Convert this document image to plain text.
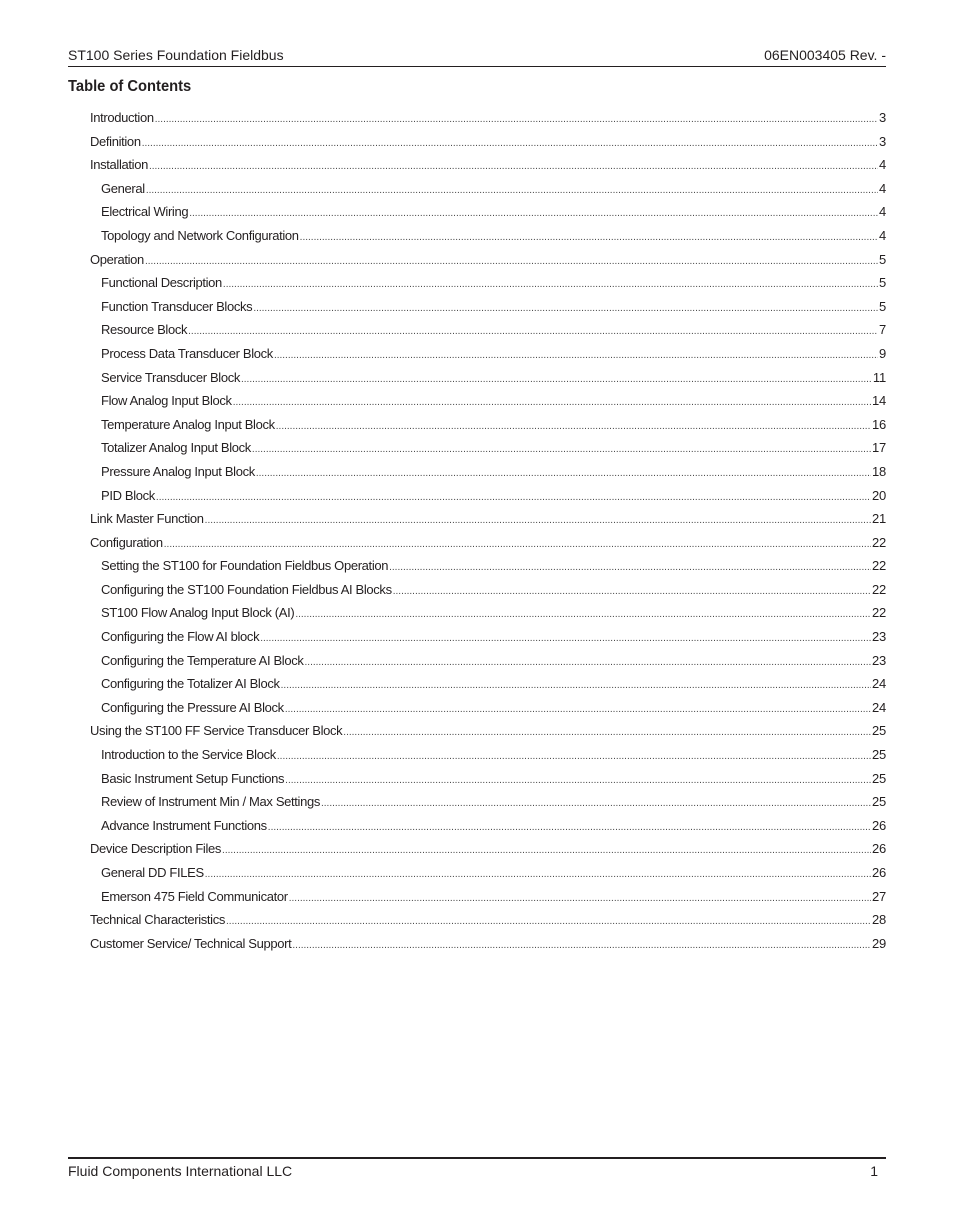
ST100 Series Foundation Fieldbus	06EN003405 Rev. -
Table of Contents
Introduction .....	3
Definition .....	3
Installation .....	4
General .....	4
Electrical Wiring .....	4
Topology and Network Configuration .....	4
Operation .....	5
Functional Description .....	5
Function Transducer Blocks .....	5
Resource Block .....	7
Process Data Transducer Block .....	9
Service Transducer Block .....	11
Flow Analog Input Block .....	14
Temperature Analog Input Block .....	16
Totalizer Analog Input Block .....	17
Pressure Analog Input Block .....	18
PID Block .....	20
Link Master Function .....	21
Configuration .....	22
Setting the ST100 for Foundation Fieldbus Operation .....	22
Configuring the ST100 Foundation Fieldbus AI Blocks .....	22
ST100 Flow Analog Input Block (AI) .....	22
Configuring the Flow AI block .....	23
Configuring the Temperature AI Block .....	23
Configuring the Totalizer AI Block .....	24
Configuring the Pressure AI Block .....	24
Using the ST100 FF Service Transducer Block .....	25
Introduction to the Service Block .....	25
Basic Instrument Setup Functions .....	25
Review of Instrument Min / Max Settings .....	25
Advance Instrument Functions .....	26
Device Description Files .....	26
General DD FILES .....	26
Emerson 475 Field Communicator .....	27
Technical Characteristics .....	28
Customer Service/ Technical Support .....	29
Fluid Components International LLC	1
